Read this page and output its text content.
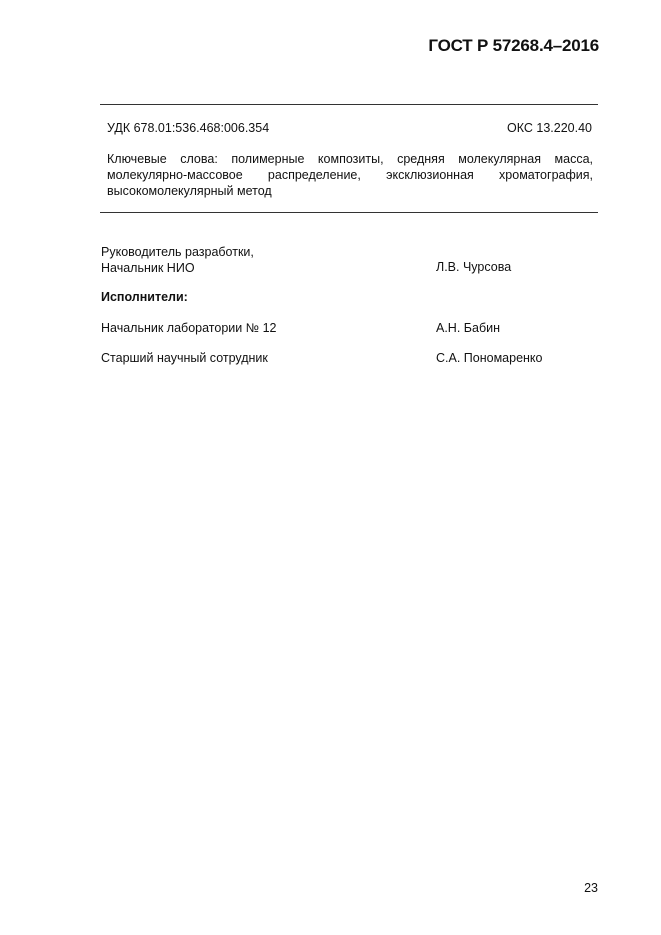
ГОСТ Р 57268.4–2016
УДК 678.01:536.468:006.354	ОКС 13.220.40
Ключевые слова: полимерные композиты, средняя молекулярная масса,
молекулярно-массовое распределение, эксклюзионная хроматография,
высокомолекулярный метод
Руководитель разработки,
Начальник НИО	Л.В. Чурсова
Исполнители:
Начальник лаборатории № 12	А.Н. Бабин
Старший научный сотрудник	С.А. Пономаренко
23
